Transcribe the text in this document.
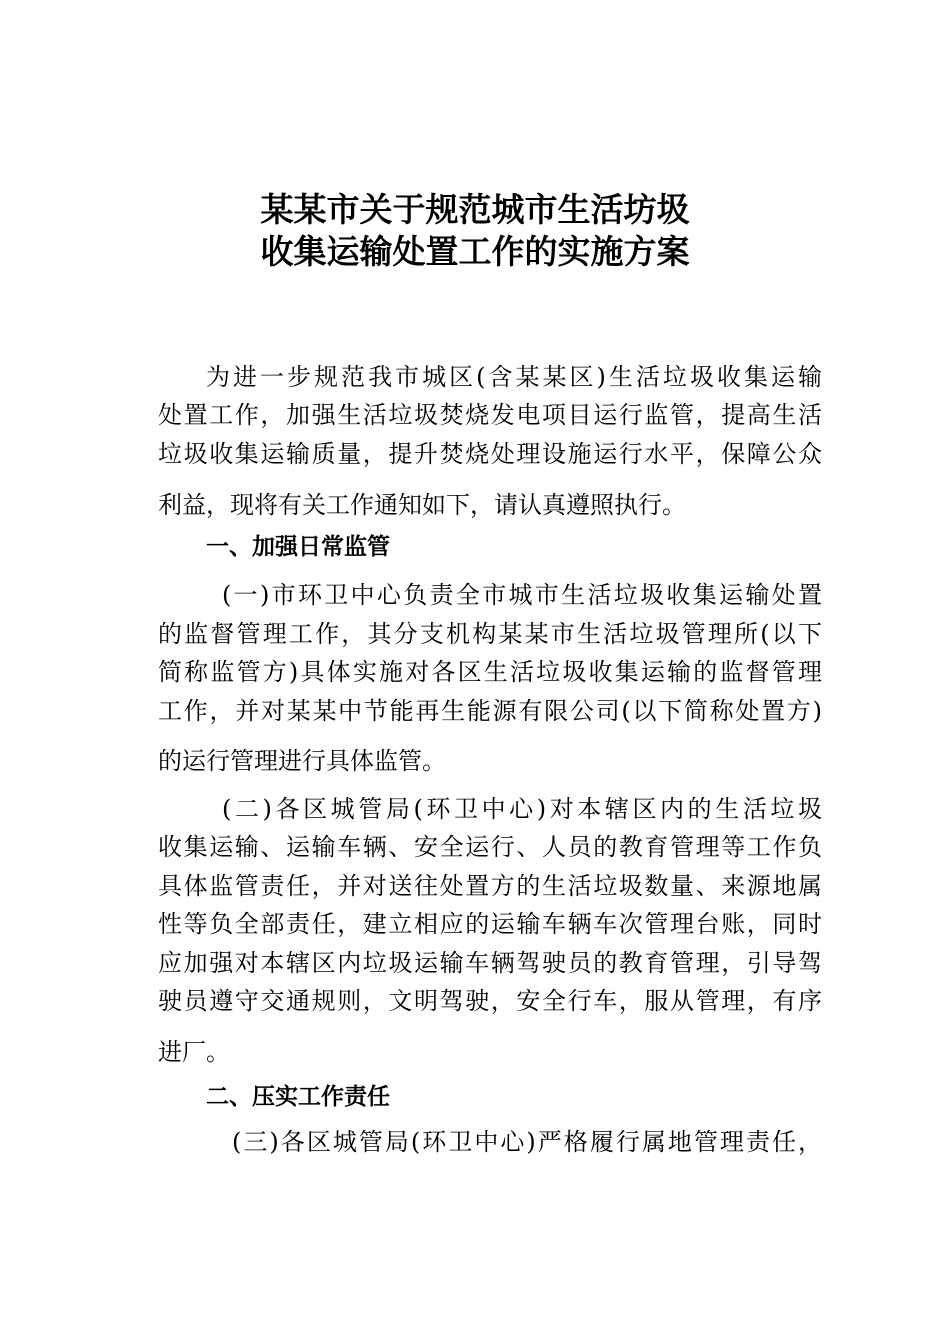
某某市关于规范城市生活坊圾
收集运输处置工作的实施方案

为进一步规范我市城区(含某某区)生活垃圾收集运输

处置工作，加强生活垃圾焚烧发电项目运行监管，提高生活

垃圾收集运输质量，提升焚烧处理设施运行水平，保障公众

利益，现将有关工作通知如下，请认真遵照执行。

一、加强日常监管

(一)市环卫中心负责全市城市生活垃圾收集运输处置

的监督管理工作，其分支机构某某市生活垃圾管理所(以下

简称监管方)具体实施对各区生活垃圾收集运输的监督管理

工作，并对某某中节能再生能源有限公司(以下简称处置方)

的运行管理进行具体监管。

(二)各区城管局(环卫中心)对本辖区内的生活垃圾

收集运输、运输车辆、安全运行、人员的教育管理等工作负

具体监管责任，并对送往处置方的生活垃圾数量、来源地属

性等负全部责任，建立相应的运输车辆车次管理台账，同时

应加强对本辖区内垃圾运输车辆驾驶员的教育管理，引导驾

驶员遵守交通规则，文明驾驶，安全行车，服从管理，有序

进厂。

二、压实工作责任

(三)各区城管局(环卫中心)严格履行属地管理责任，
